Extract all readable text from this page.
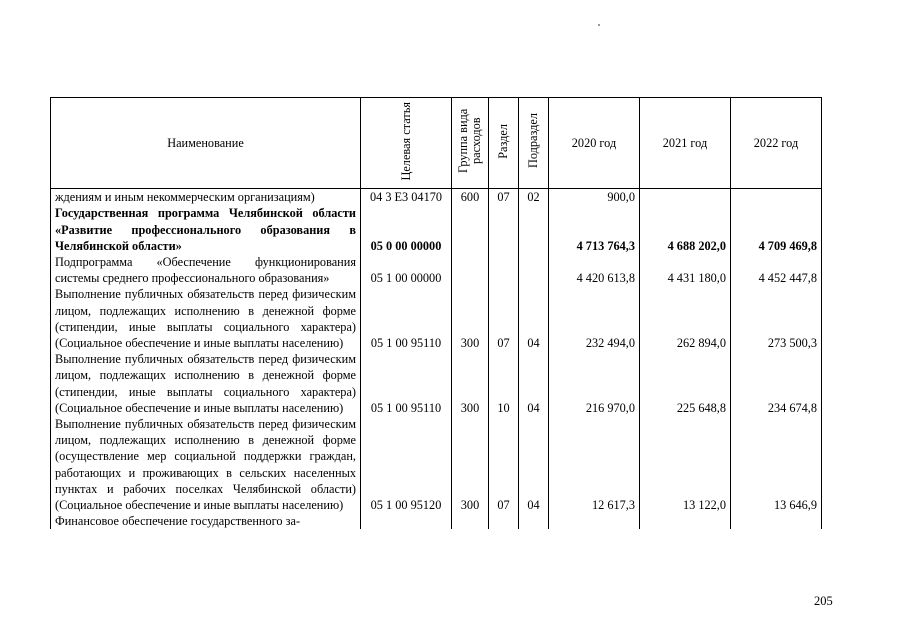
Наименование	Целевая статья	Группа вида расходов	Раздел	Подраздел	2020 год	2021 год	2022 год
ждениям и иным некоммерческим организациям)	04 3 Е3 04170	600	07	02	900,0		
Государственная программа Челябинской области «Развитие профессионального образования в Челябинской области»	05 0 00 00000				4 713 764,3	4 688 202,0	4 709 469,8
Подпрограмма «Обеспечение функционирования системы среднего профессионального образования»	05 1 00 00000				4 420 613,8	4 431 180,0	4 452 447,8
Выполнение публичных обязательств перед физическим лицом, подлежащих исполнению в денежной форме (стипендии, иные выплаты социального характера) (Социальное обеспечение и иные выплаты населению)	05 1 00 95110	300	07	04	232 494,0	262 894,0	273 500,3
Выполнение публичных обязательств перед физическим лицом, подлежащих исполнению в денежной форме (стипендии, иные выплаты социального характера) (Социальное обеспечение и иные выплаты населению)	05 1 00 95110	300	10	04	216 970,0	225 648,8	234 674,8
Выполнение публичных обязательств перед физическим лицом, подлежащих исполнению в денежной форме (осуществление мер социальной поддержки граждан, работающих и проживающих в сельских населенных пунктах и рабочих поселках Челябинской области) (Социальное обеспечение и иные выплаты населению)	05 1 00 95120	300	07	04	12 617,3	13 122,0	13 646,9
Финансовое обеспечение государственного за-							
205
